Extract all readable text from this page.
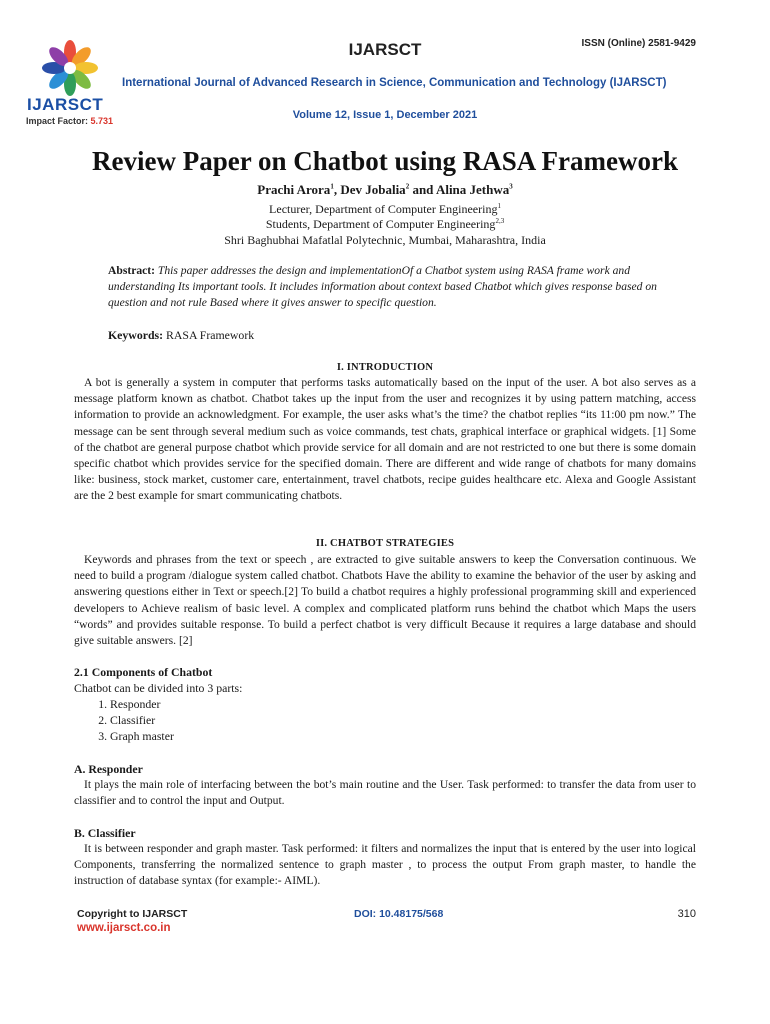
IJARSCT
Impact Factor: 5.731
IJARSCT	ISSN (Online) 2581-9429
International Journal of Advanced Research in Science, Communication and Technology (IJARSCT)
Volume 12, Issue 1, December 2021
Review Paper on Chatbot using RASA Framework
Prachi Arora$^1$, Dev Jobalia$^2$ and Alina Jethwa$^3$
Lecturer, Department of Computer Engineering$^1$
Students, Department of Computer Engineering$^{2,3}$
Shri Baghubhai Mafatlal Polytechnic, Mumbai, Maharashtra, India
Abstract: This paper addresses the design and implementationOf a Chatbot system using RASA frame work and understanding Its important tools. It includes information about context based Chatbot which gives response based on question and not rule Based where it gives answer to specific question.
Keywords: RASA Framework
I. INTRODUCTION
A bot is generally a system in computer that performs tasks automatically based on the input of the user. A bot also serves as a message platform known as chatbot. Chatbot takes up the input from the user and recognizes it by using pattern matching, access information to provide an acknowledgment. For example, the user asks what’s the time? the chatbot replies “its 11:00 pm now.” The message can be sent through several medium such as voice commands, test chats, graphical interface or graphical widgets. [1] Some of the chatbot are general purpose chatbot which provide service for all domain and are not restricted to one but there is some domain specific chatbot which provides service for the specified domain. There are different and wide range of chatbots for many domains like: business, stock market, customer care, entertainment, travel chatbots, recipe guides healthcare etc. Alexa and Google Assistant are the 2 best example for smart communicating chatbots.
II. CHATBOT STRATEGIES
Keywords and phrases from the text or speech , are extracted to give suitable answers to keep the Conversation continuous. We need to build a program /dialogue system called chatbot. Chatbots Have the ability to examine the behavior of the user by asking and answering questions either in Text or speech.[2] To build a chatbot requires a highly professional programming skill and experienced developers to Achieve realism of basic level. A complex and complicated platform runs behind the chatbot which Maps the users “words” and provides suitable response. To build a perfect chatbot is very difficult Because it requires a large database and should give suitable answers. [2]
2.1 Components of Chatbot
Chatbot can be divided into 3 parts:
1. Responder
2. Classifier
3. Graph master
A. Responder
It plays the main role of interfacing between the bot’s main routine and the User. Task performed: to transfer the data from user to classifier and to control the input and Output.
B. Classifier
It is between responder and graph master. Task performed: it filters and normalizes the input that is entered by the user into logical Components, transferring the normalized sentence to graph master , to process the output From graph master, to handle the instruction of database syntax (for example:- AIML).
Copyright to IJARSCT
www.ijarsct.co.in
DOI: 10.48175/568	310
